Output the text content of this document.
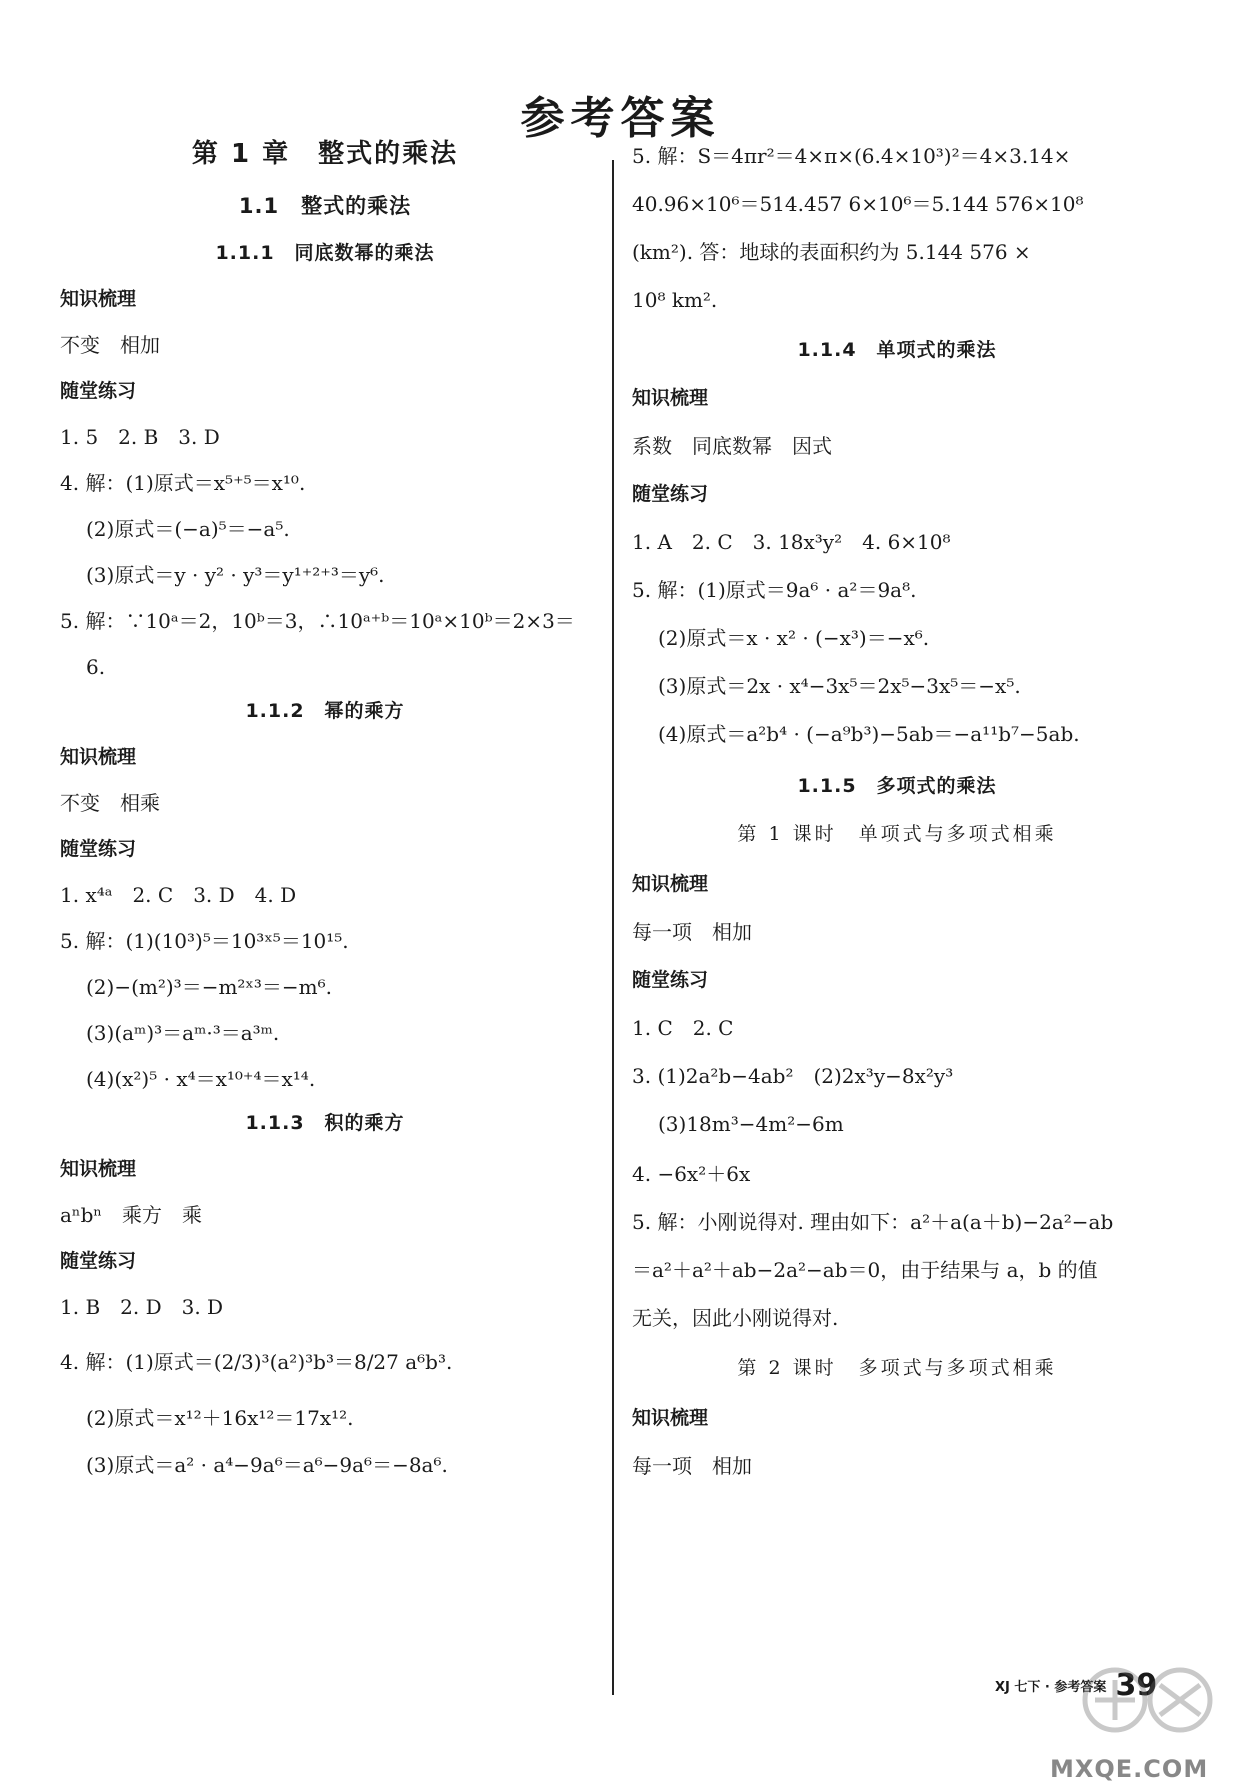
参考答案
第 1 章　整式的乘法
1.1　整式的乘法
1.1.1　同底数幂的乘法
知识梳理
不变　相加
随堂练习
1. 5　2. B　3. D
4. 解：(1)原式＝x⁵⁺⁵＝x¹⁰.
(2)原式＝(−a)⁵＝−a⁵.
(3)原式＝y · y² · y³＝y¹⁺²⁺³＝y⁶.
5. 解：∵10ᵃ＝2，10ᵇ＝3，∴10ᵃ⁺ᵇ＝10ᵃ×10ᵇ＝2×3＝
6.
1.1.2　幂的乘方
知识梳理
不变　相乘
随堂练习
1. x⁴ᵃ　2. C　3. D　4. D
5. 解：(1)(10³)⁵＝10³ˣ⁵＝10¹⁵.
(2)−(m²)³＝−m²ˣ³＝−m⁶.
(3)(aᵐ)³＝aᵐ·³＝a³ᵐ.
(4)(x²)⁵ · x⁴＝x¹⁰⁺⁴＝x¹⁴.
1.1.3　积的乘方
知识梳理
aⁿbⁿ　乘方　乘
随堂练习
1. B　2. D　3. D
4. 解：(1)原式＝(2/3)³(a²)³b³＝8/27 a⁶b³.
(2)原式＝x¹²＋16x¹²＝17x¹².
(3)原式＝a² · a⁴−9a⁶＝a⁶−9a⁶＝−8a⁶.
5. 解：S＝4πr²＝4×π×(6.4×10³)²＝4×3.14×
40.96×10⁶＝514.457 6×10⁶＝5.144 576×10⁸
(km²). 答：地球的表面积约为 5.144 576 ×
10⁸ km².
1.1.4　单项式的乘法
知识梳理
系数　同底数幂　因式
随堂练习
1. A　2. C　3. 18x³y²　4. 6×10⁸
5. 解：(1)原式＝9a⁶ · a²＝9a⁸.
(2)原式＝x · x² · (−x³)＝−x⁶.
(3)原式＝2x · x⁴−3x⁵＝2x⁵−3x⁵＝−x⁵.
(4)原式＝a²b⁴ · (−a⁹b³)−5ab＝−a¹¹b⁷−5ab.
1.1.5　多项式的乘法
第 1 课时　单项式与多项式相乘
知识梳理
每一项　相加
随堂练习
1. C　2. C
3. (1)2a²b−4ab²　(2)2x³y−8x²y³
(3)18m³−4m²−6m
4. −6x²＋6x
5. 解：小刚说得对. 理由如下：a²＋a(a＋b)−2a²−ab
＝a²＋a²＋ab−2a²−ab＝0，由于结果与 a，b 的值
无关，因此小刚说得对.
第 2 课时　多项式与多项式相乘
知识梳理
每一项　相加
XJ 七下 · 参考答案 39
MXQE.COM
